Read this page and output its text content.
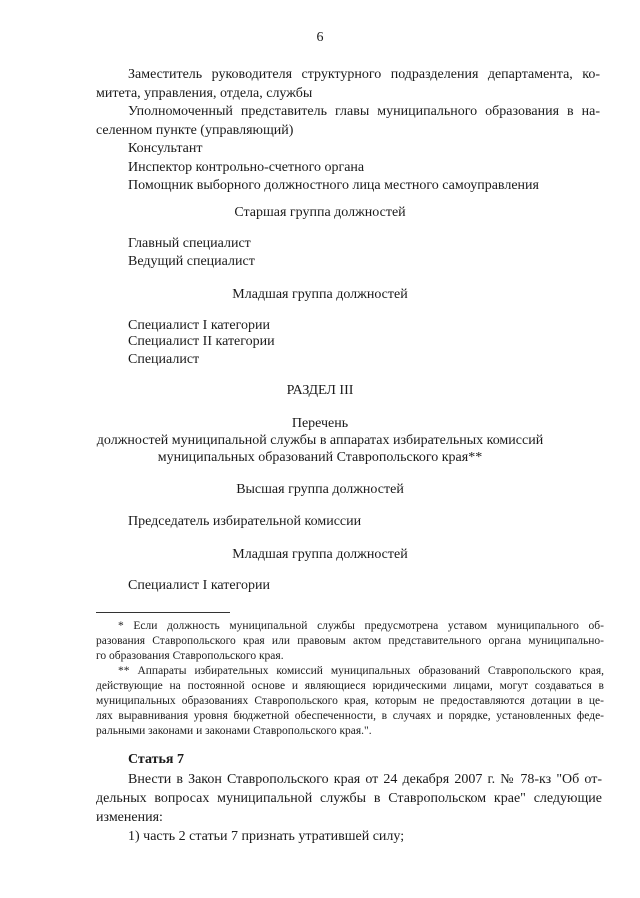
6
Заместитель руководителя структурного подразделения департамента, ко-
митета, управления, отдела, службы
Уполномоченный представитель главы муниципального образования в на-
селенном пункте (управляющий)
Консультант
Инспектор контрольно-счетного органа
Помощник выборного должностного лица местного самоуправления
Старшая группа должностей
Главный специалист
Ведущий специалист
Младшая группа должностей
Специалист I категории
Специалист II категории
Специалист
РАЗДЕЛ III
Перечень
должностей муниципальной службы в аппаратах избирательных комиссий
муниципальных образований Ставропольского края**
Высшая группа должностей
Председатель избирательной комиссии
Младшая группа должностей
Специалист I категории
* Если должность муниципальной службы предусмотрена уставом муниципального об-
разования Ставропольского края или правовым актом представительного органа муниципально-
го образования Ставропольского края.
** Аппараты избирательных комиссий муниципальных образований Ставропольского края,
действующие на постоянной основе и являющиеся юридическими лицами, могут создаваться в
муниципальных образованиях Ставропольского края, которым не предоставляются дотации в це-
лях выравнивания уровня бюджетной обеспеченности, в случаях и порядке, установленных феде-
ральными законами и законами Ставропольского края.".
Статья 7
Внести в Закон Ставропольского края от 24 декабря 2007 г. № 78-кз "Об от-
дельных вопросах муниципальной службы в Ставропольском крае" следующие
изменения:
1) часть 2 статьи 7 признать утратившей силу;
